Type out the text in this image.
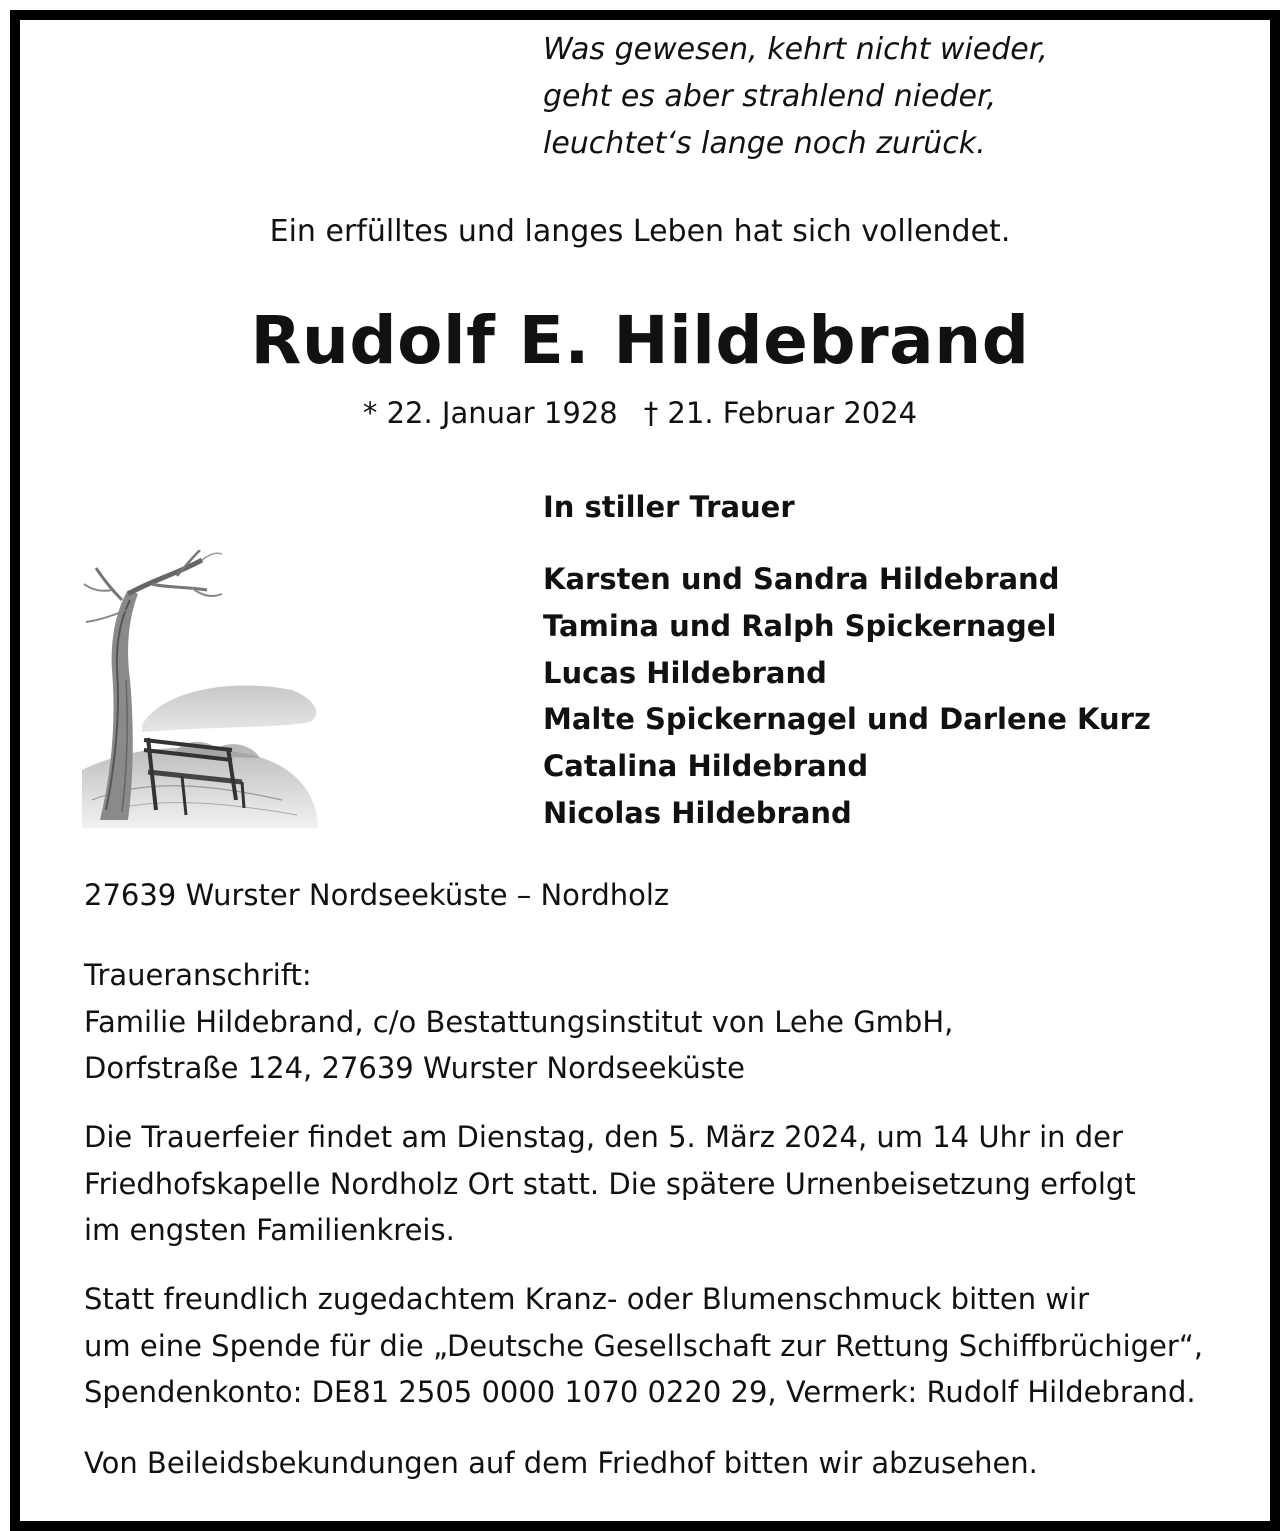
Was gewesen, kehrt nicht wieder,
geht es aber strahlend nieder,
leuchtet‘s lange noch zurück.
Ein erfülltes und langes Leben hat sich vollendet.
Rudolf E. Hildebrand
* 22. Januar 1928 † 21. Februar 2024
In stiller Trauer
Karsten und Sandra Hildebrand
Tamina und Ralph Spickernagel
Lucas Hildebrand
Malte Spickernagel und Darlene Kurz
Catalina Hildebrand
Nicolas Hildebrand
27639 Wurster Nordseeküste – Nordholz
Traueranschrift:
Familie Hildebrand, c/o Bestattungsinstitut von Lehe GmbH,
Dorfstraße 124, 27639 Wurster Nordseeküste
Die Trauerfeier findet am Dienstag, den 5. März 2024, um 14 Uhr in der
Friedhofskapelle Nordholz Ort statt. Die spätere Urnenbeisetzung erfolgt
im engsten Familienkreis.
Statt freundlich zugedachtem Kranz- oder Blumenschmuck bitten wir
um eine Spende für die „Deutsche Gesellschaft zur Rettung Schiffbrüchiger“,
Spendenkonto: DE81 2505 0000 1070 0220 29, Vermerk: Rudolf Hildebrand.
Von Beileidsbekundungen auf dem Friedhof bitten wir abzusehen.
